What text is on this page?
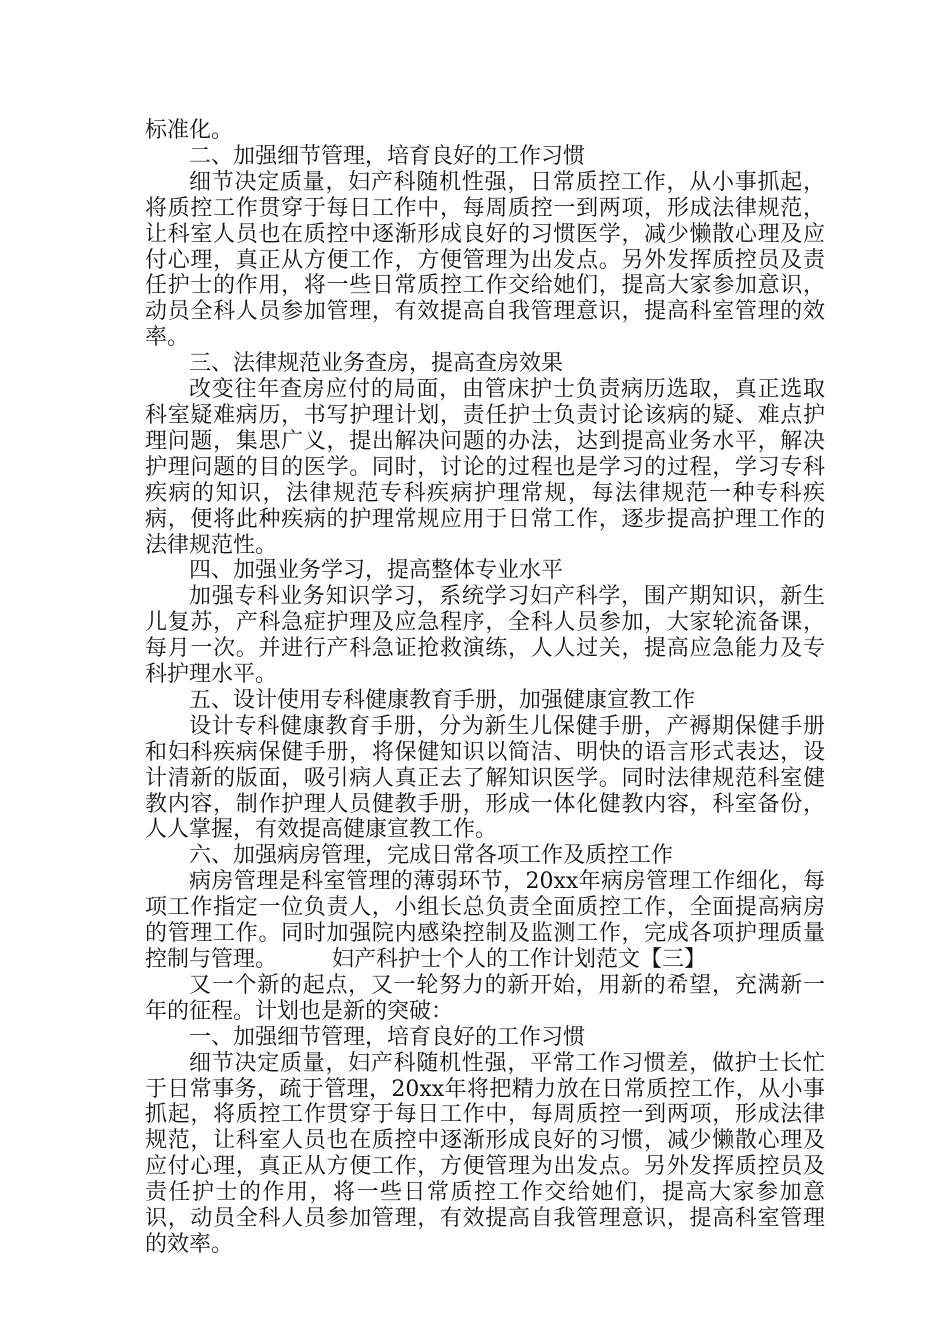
标准化。

二、加强细节管理，培育良好的工作习惯

细节决定质量，妇产科随机性强，日常质控工作，从小事抓起，将质控工作贯穿于每日工作中，每周质控一到两项，形成法律规范，让科室人员也在质控中逐渐形成良好的习惯医学，减少懒散心理及应付心理，真正从方便工作，方便管理为出发点。另外发挥质控员及责任护士的作用，将一些日常质控工作交给她们，提高大家参加意识，动员全科人员参加管理，有效提高自我管理意识，提高科室管理的效率。

三、法律规范业务查房，提高查房效果

改变往年查房应付的局面，由管床护士负责病历选取，真正选取科室疑难病历，书写护理计划，责任护士负责讨论该病的疑、难点护理问题，集思广义，提出解决问题的办法，达到提高业务水平，解决护理问题的目的医学。同时，讨论的过程也是学习的过程，学习专科疾病的知识，法律规范专科疾病护理常规，每法律规范一种专科疾病，便将此种疾病的护理常规应用于日常工作，逐步提高护理工作的法律规范性。

四、加强业务学习，提高整体专业水平

加强专科业务知识学习，系统学习妇产科学，围产期知识，新生儿复苏，产科急症护理及应急程序，全科人员参加，大家轮流备课，每月一次。并进行产科急证抢救演练，人人过关，提高应急能力及专科护理水平。

五、设计使用专科健康教育手册，加强健康宣教工作

设计专科健康教育手册，分为新生儿保健手册，产褥期保健手册和妇科疾病保健手册，将保健知识以简洁、明快的语言形式表达，设计清新的版面，吸引病人真正去了解知识医学。同时法律规范科室健教内容，制作护理人员健教手册，形成一体化健教内容，科室备份，人人掌握，有效提高健康宣教工作。

六、加强病房管理，完成日常各项工作及质控工作

病房管理是科室管理的薄弱环节，20xx年病房管理工作细化，每项工作指定一位负责人，小组长总负责全面质控工作，全面提高病房的管理工作。同时加强院内感染控制及监测工作，完成各项护理质量控制与管理。　　　妇产科护士个人的工作计划范文【三】

又一个新的起点，又一轮努力的新开始，用新的希望，充满新一年的征程。计划也是新的突破：

一、加强细节管理，培育良好的工作习惯

细节决定质量，妇产科随机性强，平常工作习惯差，做护士长忙于日常事务，疏于管理，20xx年将把精力放在日常质控工作，从小事抓起，将质控工作贯穿于每日工作中，每周质控一到两项，形成法律规范，让科室人员也在质控中逐渐形成良好的习惯，减少懒散心理及应付心理，真正从方便工作，方便管理为出发点。另外发挥质控员及责任护士的作用，将一些日常质控工作交给她们，提高大家参加意识，动员全科人员参加管理，有效提高自我管理意识，提高科室管理的效率。
